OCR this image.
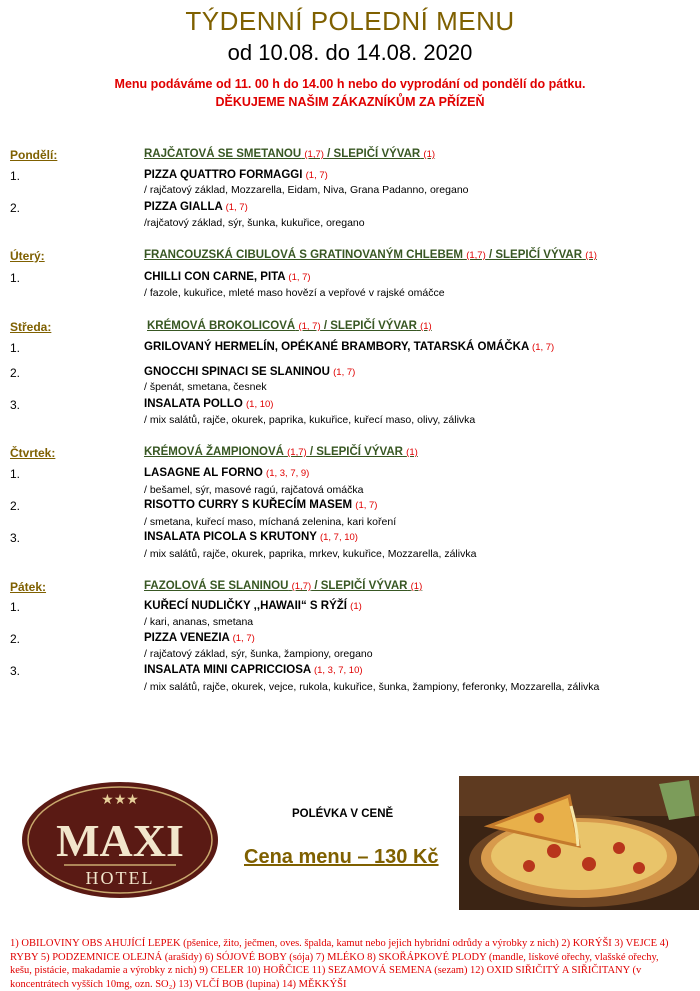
TÝDENNÍ POLEDNÍ MENU
od 10.08. do 14.08. 2020
Menu podáváme od 11. 00 h do 14.00 h nebo do vyprodání od pondělí do pátku.
DĚKUJEME NAŠIM ZÁKAZNÍKŮM ZA PŘÍZEŇ
Pondělí:	RAJČATOVÁ SE SMETANOU (1,7) / SLEPIČÍ VÝVAR (1)
1.	PIZZA QUATTRO FORMAGGI (1, 7)
/ rajčatový základ, Mozzarella, Eidam, Niva, Grana Padanno, oregano
2.	PIZZA GIALLA (1, 7)
/rajčatový základ, sýr, šunka, kukuřice, oregano
Úterý:	FRANCOUZSKÁ CIBULOVÁ S GRATINOVANÝM CHLEBEM (1,7) / SLEPIČÍ VÝVAR (1)
1.	CHILLI CON CARNE, PITA (1, 7)
/ fazole, kukuřice, mleté maso hovězí a vepřové v rajské omáčce
Středa:	KRÉMOVÁ BROKOLICOVÁ (1, 7) / SLEPIČÍ VÝVAR (1)
1.	GRILOVANÝ HERMELÍN, OPÉKANÉ BRAMBORY, TATARSKÁ OMÁČKA (1, 7)
2.	GNOCCHI SPINACI SE SLANINOU (1, 7)
/ špenát, smetana, česnek
3.	INSALATA POLLO (1, 10)
/ mix salátů, rajče, okurek, paprika, kukuřice, kuřecí maso, olivy, zálivka
Čtvrtek:	KRÉMOVÁ ŽAMPIONOVÁ (1,7) / SLEPIČÍ VÝVAR (1)
1.	LASAGNE AL FORNO (1, 3, 7, 9)
/ bešamel, sýr, masové ragú, rajčatová omáčka
2.	RISOTTO CURRY S KUŘECÍM MASEM (1, 7)
/ smetana, kuřecí maso, míchaná zelenina, kari koření
3.	INSALATA PICOLA S KRUTONY (1, 7, 10)
/ mix salátů, rajče, okurek, paprika, mrkev, kukuřice, Mozzarella, zálivka
Pátek:	FAZOLOVÁ SE SLANINOU (1,7) / SLEPIČÍ VÝVAR (1)
1.	KUŘECÍ NUDLIČKY ,,HAWAII“ S RÝŽÍ (1)
/ kari, ananas, smetana
2.	PIZZA VENEZIA (1, 7)
/ rajčatový základ, sýr, šunka, žampiony, oregano
3.	INSALATA MINI CAPRICCIOSA (1, 3, 7, 10)
/ mix salátů, rajče, okurek, vejce, rukola, kukuřice, šunka, žampiony, feferonky, Mozzarella, zálivka
★★★
MAXI
HOTEL
POLÉVKA V CENĚ
Cena menu – 130 Kč
1) OBILOVINY OBS AHUJÍCÍ LEPEK (pšenice, žito, ječmen, oves. špalda, kamut nebo jejich hybridní odrůdy a výrobky z nich) 2) KORÝŠI 3) VEJCE 4) RYBY 5) PODZEMNICE OLEJNÁ (arašídy) 6) SÓJOVÉ BOBY (sója) 7) MLÉKO 8) SKOŘÁPKOVÉ PLODY (mandle, lískové ořechy, vlašské ořechy, kešu, pistácie, makadamie a výrobky z nich) 9) CELER 10) HOŘČICE 11) SEZAMOVÁ SEMENA (sezam) 12) OXID SIŘIČITÝ A SIŘIČITANY (v koncentrátech vyšších 10mg, ozn. SO₂) 13) VLČÍ BOB (lupina) 14) MĚKKÝŠI
